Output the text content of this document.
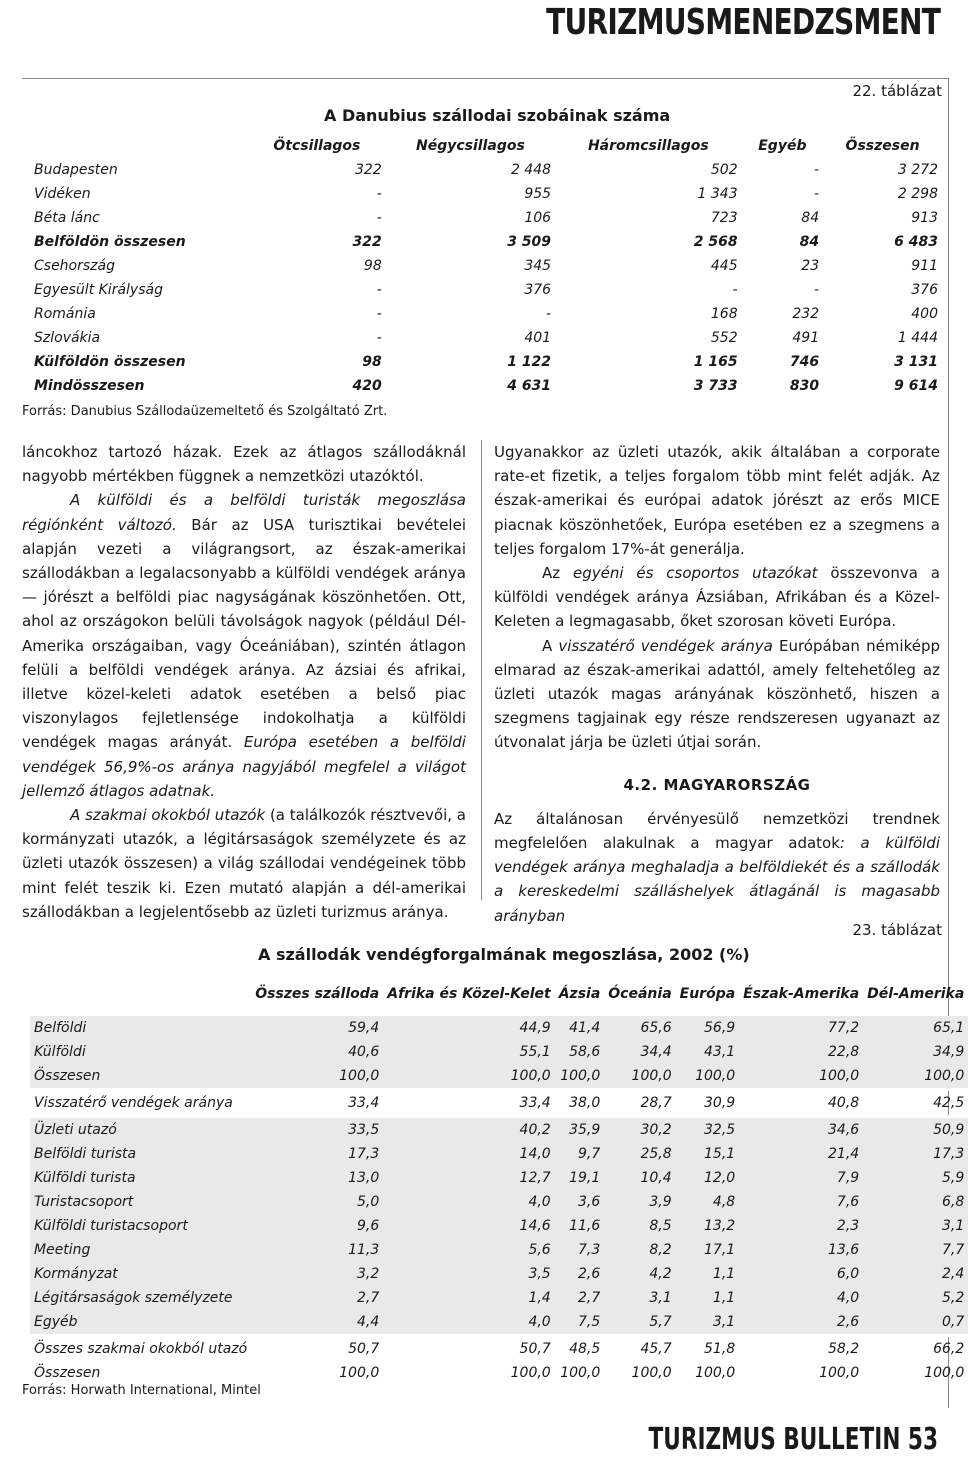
TURIZMUSMENEDZSMENT
22. táblázat
A Danubius szállodai szobáinak száma
	Ötcsillagos	Négycsillagos	Háromcsillagos	Egyéb	Összesen
Budapesten	322	2 448	502	-	3 272
Vidéken	-	955	1 343	-	2 298
Béta lánc	-	106	723	84	913
Belföldön összesen	322	3 509	2 568	84	6 483
Csehország	98	345	445	23	911
Egyesült Királyság	-	376	-	-	376
Románia	-	-	168	232	400
Szlovákia	-	401	552	491	1 444
Külföldön összesen	98	1 122	1 165	746	3 131
Mindösszesen	420	4 631	3 733	830	9 614
Forrás: Danubius Szállodaüzemeltető és Szolgáltató Zrt.

láncokhoz tartozó házak. Ezek az átlagos szállodáknál nagyobb mértékben függnek a nemzetközi utazóktól.

A külföldi és a belföldi turisták megoszlása régiónként változó. Bár az USA turisztikai bevételei alapján vezeti a világrangsort, az észak-amerikai szállodákban a legalacsonyabb a külföldi vendégek aránya — jórészt a belföldi piac nagyságának köszönhetően. Ott, ahol az országokon belüli távolságok nagyok (például Dél-Amerika országaiban, vagy Óceániában), szintén átlagon felüli a belföldi vendégek aránya. Az ázsiai és afrikai, illetve közel-keleti adatok esetében a belső piac viszonylagos fejletlensége indokolhatja a külföldi vendégek magas arányát. Európa esetében a belföldi vendégek 56,9%-os aránya nagyjából megfelel a világot jellemző átlagos adatnak.

A szakmai okokból utazók (a találkozók résztvevői, a kormányzati utazók, a légitársaságok személyzete és az üzleti utazók összesen) a világ szállodai vendégeinek több mint felét teszik ki. Ezen mutató alapján a dél-amerikai szállodákban a legjelentősebb az üzleti turizmus aránya.

Ugyanakkor az üzleti utazók, akik általában a corporate rate-et fizetik, a teljes forgalom több mint felét adják. Az észak-amerikai és európai adatok jórészt az erős MICE piacnak köszönhetőek, Európa esetében ez a szegmens a teljes forgalom 17%-át generálja.

Az egyéni és csoportos utazókat összevonva a külföldi vendégek aránya Ázsiában, Afrikában és a Közel-Keleten a legmagasabb, őket szorosan követi Európa.

A visszatérő vendégek aránya Európában némiképp elmarad az észak-amerikai adattól, amely feltehetőleg az üzleti utazók magas arányának köszönhető, hiszen a szegmens tagjainak egy része rendszeresen ugyanazt az útvonalat járja be üzleti útjai során.

4.2. MAGYARORSZÁG

Az általánosan érvényesülő nemzetközi trendnek megfelelően alakulnak a magyar adatok: a külföldi vendégek aránya meghaladja a belföldiekét és a szállodák a kereskedelmi szálláshelyek átlagánál is magasabb arányban

23. táblázat
A szállodák vendégforgalmának megoszlása, 2002 (%)
	Összes szálloda	Afrika és Közel-Kelet	Ázsia	Óceánia	Európa	Észak-Amerika	Dél-Amerika
Belföldi	59,4	44,9	41,4	65,6	56,9	77,2	65,1
Külföldi	40,6	55,1	58,6	34,4	43,1	22,8	34,9
Összesen	100,0	100,0	100,0	100,0	100,0	100,0	100,0

Visszatérő vendégek aránya	33,4	33,4	38,0	28,7	30,9	40,8	42,5

Üzleti utazó	33,5	40,2	35,9	30,2	32,5	34,6	50,9
Belföldi turista	17,3	14,0	9,7	25,8	15,1	21,4	17,3
Külföldi turista	13,0	12,7	19,1	10,4	12,0	7,9	5,9
Turistacsoport	5,0	4,0	3,6	3,9	4,8	7,6	6,8
Külföldi turistacsoport	9,6	14,6	11,6	8,5	13,2	2,3	3,1
Meeting	11,3	5,6	7,3	8,2	17,1	13,6	7,7
Kormányzat	3,2	3,5	2,6	4,2	1,1	6,0	2,4
Légitársaságok személyzete	2,7	1,4	2,7	3,1	1,1	4,0	5,2
Egyéb	4,4	4,0	7,5	5,7	3,1	2,6	0,7

Összes szakmai okokból utazó	50,7	50,7	48,5	45,7	51,8	58,2	66,2
Összesen	100,0	100,0	100,0	100,0	100,0	100,0	100,0
Forrás: Horwath International, Mintel
TURIZMUS BULLETIN 53
